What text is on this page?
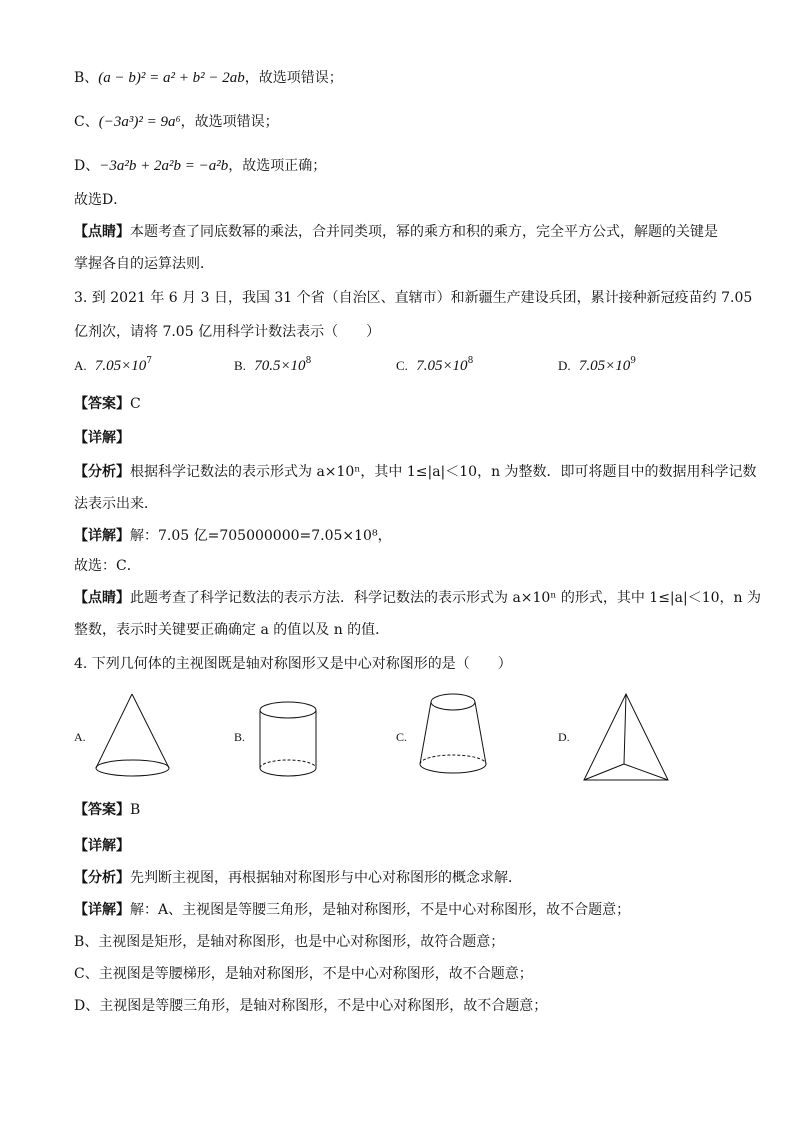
B、(a − b)² = a² + b² − 2ab，故选项错误；
C、(−3a³)² = 9a⁶，故选项错误；
D、−3a²b + 2a²b = −a²b，故选项正确；
故选D．
【点睛】本题考查了同底数幂的乘法，合并同类项，幂的乘方和积的乘方，完全平方公式，解题的关键是
掌握各自的运算法则．
3. 到 2021 年 6 月 3 日，我国 31 个省（自治区、直辖市）和新疆生产建设兵团，累计接种新冠疫苗约 7.05
亿剂次，请将 7.05 亿用科学计数法表示（　　）
A. $7.05\times 10^7$	B. $70.5\times 10^8$	C. $7.05\times 10^8$	D. $7.05\times 10^9$
【答案】C
【详解】
【分析】根据科学记数法的表示形式为 a×10ⁿ，其中 1≤|a|＜10，n 为整数．即可将题目中的数据用科学记数
法表示出来．
【详解】解：7.05 亿=705000000=7.05×10⁸，
故选：C．
【点睛】此题考查了科学记数法的表示方法．科学记数法的表示形式为 a×10ⁿ 的形式，其中 1≤|a|＜10，n 为
整数，表示时关键要正确确定 a 的值以及 n 的值．
4. 下列几何体的主视图既是轴对称图形又是中心对称图形的是（　　）
A.	B.	C.	D.
【答案】B
【详解】
【分析】先判断主视图，再根据轴对称图形与中心对称图形的概念求解．
【详解】解：A、主视图是等腰三角形，是轴对称图形，不是中心对称图形，故不合题意；
B、主视图是矩形，是轴对称图形，也是中心对称图形，故符合题意；
C、主视图是等腰梯形，是轴对称图形，不是中心对称图形，故不合题意；
D、主视图是等腰三角形，是轴对称图形，不是中心对称图形，故不合题意；
